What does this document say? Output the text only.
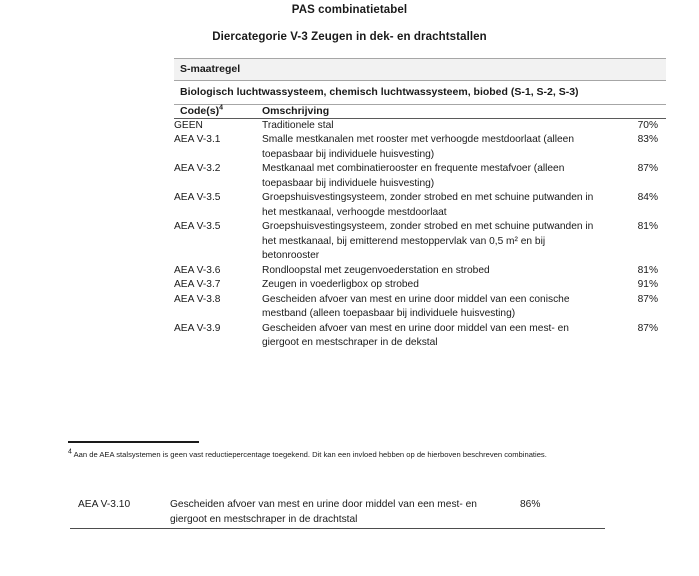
PAS combinatietabel
Diercategorie V-3 Zeugen in dek- en drachtstallen
S-maatregel
Biologisch luchtwassysteem, chemisch luchtwassysteem, biobed (S-1, S-2, S-3)
$Code(s)^4$	Omschrijving	
GEEN	Traditionele stal	70%
AEA V-3.1	Smalle mestkanalen met rooster met verhoogde mestdoorlaat (alleen toepasbaar bij individuele huisvesting)	83%
AEA V-3.2	Mestkanaal met combinatierooster en frequente mestafvoer (alleen toepasbaar bij individuele huisvesting)	87%
AEA V-3.5	Groepshuisvestingsysteem, zonder strobed en met schuine putwanden in het mestkanaal, verhoogde mestdoorlaat	84%
AEA V-3.5	Groepshuisvestingsysteem, zonder strobed en met schuine putwanden in het mestkanaal, bij emitterend mestoppervlak van 0,5 m² en bij betonrooster	81%
AEA V-3.6	Rondloopstal met zeugenvoederstation en strobed	81%
AEA V-3.7	Zeugen in voederligbox op strobed	91%
AEA V-3.8	Gescheiden afvoer van mest en urine door middel van een conische mestband (alleen toepasbaar bij individuele huisvesting)	87%
AEA V-3.9	Gescheiden afvoer van mest en urine door middel van een mest- en giergoot en mestschraper in de dekstal	87%
$^4$ Aan de AEA stalsystemen is geen vast reductiepercentage toegekend. Dit kan een invloed hebben op de hierboven beschreven combinaties.
AEA V-3.10	Gescheiden afvoer van mest en urine door middel van een mest- en giergoot en mestschraper in de drachtstal	86%
